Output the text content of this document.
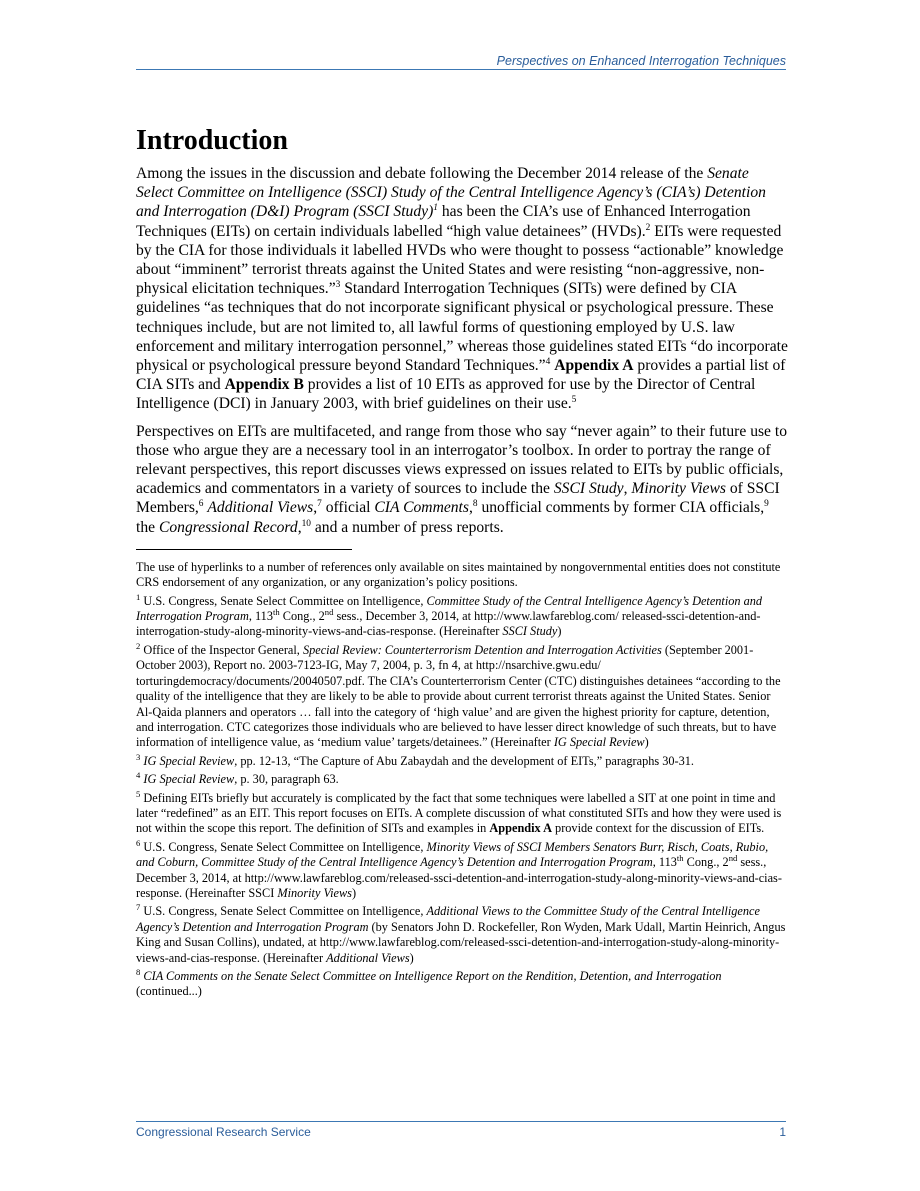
Perspectives on Enhanced Interrogation Techniques
Introduction

Among the issues in the discussion and debate following the December 2014 release of the Senate Select Committee on Intelligence (SSCI) Study of the Central Intelligence Agency’s (CIA’s) Detention and Interrogation (D&I) Program (SSCI Study)$^1$ has been the CIA’s use of Enhanced Interrogation Techniques (EITs) on certain individuals labelled “high value detainees” (HVDs).$^2$ EITs were requested by the CIA for those individuals it labelled HVDs who were thought to possess “actionable” knowledge about “imminent” terrorist threats against the United States and were resisting “non-aggressive, non-physical elicitation techniques.”$^3$ Standard Interrogation Techniques (SITs) were defined by CIA guidelines “as techniques that do not incorporate significant physical or psychological pressure. These techniques include, but are not limited to, all lawful forms of questioning employed by U.S. law enforcement and military interrogation personnel,” whereas those guidelines stated EITs “do incorporate physical or psychological pressure beyond Standard Techniques.”$^4$ Appendix A provides a partial list of CIA SITs and Appendix B provides a list of 10 EITs as approved for use by the Director of Central Intelligence (DCI) in January 2003, with brief guidelines on their use.$^5$

Perspectives on EITs are multifaceted, and range from those who say “never again” to their future use to those who argue they are a necessary tool in an interrogator’s toolbox. In order to portray the range of relevant perspectives, this report discusses views expressed on issues related to EITs by public officials, academics and commentators in a variety of sources to include the SSCI Study, Minority Views of SSCI Members,$^6$ Additional Views,$^7$ official CIA Comments,$^8$ unofficial comments by former CIA officials,$^9$ the Congressional Record,$^{10}$ and a number of press reports.

The use of hyperlinks to a number of references only available on sites maintained by nongovernmental entities does not constitute CRS endorsement of any organization, or any organization’s policy positions.

$^1$ U.S. Congress, Senate Select Committee on Intelligence, Committee Study of the Central Intelligence Agency’s Detention and Interrogation Program, 113th Cong., 2nd sess., December 3, 2014, at http://www.lawfareblog.com/ released-ssci-detention-and-interrogation-study-along-minority-views-and-cias-response. (Hereinafter SSCI Study)

$^2$ Office of the Inspector General, Special Review: Counterterrorism Detention and Interrogation Activities (September 2001-October 2003), Report no. 2003-7123-IG, May 7, 2004, p. 3, fn 4, at http://nsarchive.gwu.edu/ torturingdemocracy/documents/20040507.pdf. The CIA’s Counterterrorism Center (CTC) distinguishes detainees “according to the quality of the intelligence that they are likely to be able to provide about current terrorist threats against the United States. Senior Al-Qaida planners and operators … fall into the category of ‘high value’ and are given the highest priority for capture, detention, and interrogation. CTC categorizes those individuals who are believed to have lesser direct knowledge of such threats, but to have information of intelligence value, as ‘medium value’ targets/detainees.” (Hereinafter IG Special Review)

$^3$ IG Special Review, pp. 12-13, “The Capture of Abu Zabaydah and the development of EITs,” paragraphs 30-31.

$^4$ IG Special Review, p. 30, paragraph 63.

$^5$ Defining EITs briefly but accurately is complicated by the fact that some techniques were labelled a SIT at one point in time and later “redefined” as an EIT. This report focuses on EITs. A complete discussion of what constituted SITs and how they were used is not within the scope this report. The definition of SITs and examples in Appendix A provide context for the discussion of EITs.

$^6$ U.S. Congress, Senate Select Committee on Intelligence, Minority Views of SSCI Members Senators Burr, Risch, Coats, Rubio, and Coburn, Committee Study of the Central Intelligence Agency’s Detention and Interrogation Program, 113th Cong., 2nd sess., December 3, 2014, at http://www.lawfareblog.com/released-ssci-detention-and-interrogation-study-along-minority-views-and-cias-response. (Hereinafter SSCI Minority Views)

$^7$ U.S. Congress, Senate Select Committee on Intelligence, Additional Views to the Committee Study of the Central Intelligence Agency’s Detention and Interrogation Program (by Senators John D. Rockefeller, Ron Wyden, Mark Udall, Martin Heinrich, Angus King and Susan Collins), undated, at http://www.lawfareblog.com/released-ssci-detention-and-interrogation-study-along-minority-views-and-cias-response. (Hereinafter Additional Views)

$^8$ CIA Comments on the Senate Select Committee on Intelligence Report on the Rendition, Detention, and Interrogation (continued...)

Congressional Research Service	1
